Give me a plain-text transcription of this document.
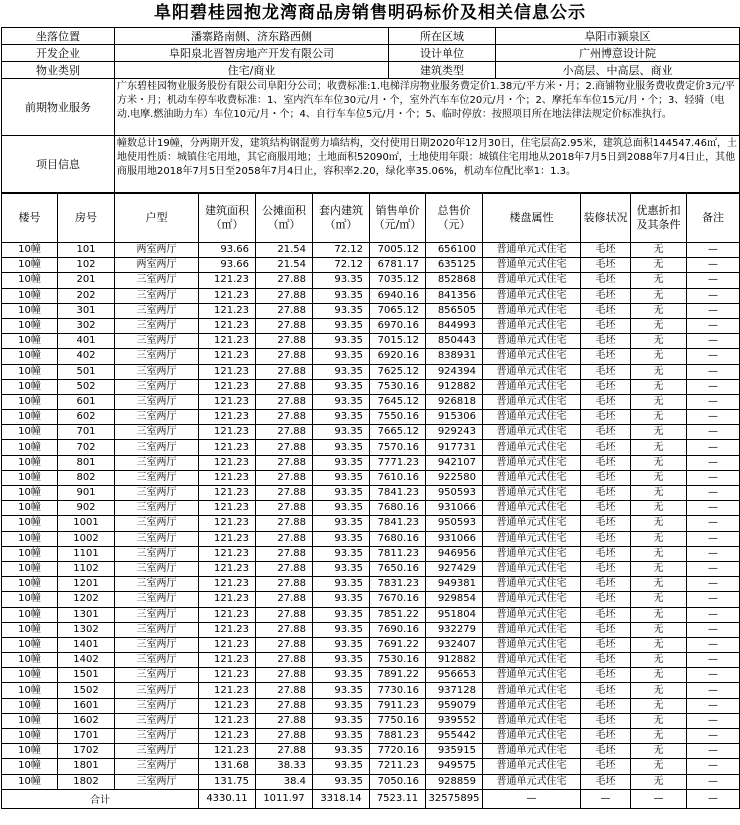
阜阳碧桂园抱龙湾商品房销售明码标价及相关信息公示
坐落位置	潘寨路南侧、济东路西侧	所在区域	阜阳市颍泉区
开发企业	阜阳泉北晋智房地产开发有限公司	设计单位	广州博意设计院
物业类别	住宅/商业	建筑类型	小高层、中高层、商业
前期物业服务	广东碧桂园物业服务股份有限公司阜阳分公司；收费标准:1.电梯洋房物业服务费定价1.38元/平方米・月；2.商铺物业服务费收费定价3元/平方米・月；机动车停车收费标准：1、室内汽车车位30元/月・个，室外汽车车位20元/月・个；2、摩托车车位15元/月・个；3、轻骑（电动.电摩.燃油助力车）车位10元/月・个；4、自行车车位5元/月・个；5、临时停放：按照项目所在地法律法规定价标准执行。		
项目信息	幢数总计19幢，分两期开发，建筑结构钢混剪力墙结构，交付使用日期2020年12月30日，住宅层高2.95米，建筑总面积144547.46㎡，土地使用性质：城镇住宅用地，其它商服用地；土地面积52090㎡，土地使用年限：城镇住宅用地从2018年7月5日到2088年7月4日止，其他商服用地2018年7月5日至2058年7月4日止，容积率2.20，绿化率35.06%，机动车位配比率1：1.3。		
楼号	房号	户型	建筑面积（㎡）	公摊面积（㎡）	套内建筑（㎡）	销售单价（元/㎡）	总售价（元）	楼盘属性	装修状况	优惠折扣及其条件	备注
10幢	101	两室两厅	93.66	21.54	72.12	7005.12	656100	普通单元式住宅	毛坯	无	—
10幢	102	两室两厅	93.66	21.54	72.12	6781.17	635125	普通单元式住宅	毛坯	无	—
10幢	201	三室两厅	121.23	27.88	93.35	7035.12	852868	普通单元式住宅	毛坯	无	—
10幢	202	三室两厅	121.23	27.88	93.35	6940.16	841356	普通单元式住宅	毛坯	无	—
10幢	301	三室两厅	121.23	27.88	93.35	7065.12	856505	普通单元式住宅	毛坯	无	—
10幢	302	三室两厅	121.23	27.88	93.35	6970.16	844993	普通单元式住宅	毛坯	无	—
10幢	401	三室两厅	121.23	27.88	93.35	7015.12	850443	普通单元式住宅	毛坯	无	—
10幢	402	三室两厅	121.23	27.88	93.35	6920.16	838931	普通单元式住宅	毛坯	无	—
10幢	501	三室两厅	121.23	27.88	93.35	7625.12	924394	普通单元式住宅	毛坯	无	—
10幢	502	三室两厅	121.23	27.88	93.35	7530.16	912882	普通单元式住宅	毛坯	无	—
10幢	601	三室两厅	121.23	27.88	93.35	7645.12	926818	普通单元式住宅	毛坯	无	—
10幢	602	三室两厅	121.23	27.88	93.35	7550.16	915306	普通单元式住宅	毛坯	无	—
10幢	701	三室两厅	121.23	27.88	93.35	7665.12	929243	普通单元式住宅	毛坯	无	—
10幢	702	三室两厅	121.23	27.88	93.35	7570.16	917731	普通单元式住宅	毛坯	无	—
10幢	801	三室两厅	121.23	27.88	93.35	7771.23	942107	普通单元式住宅	毛坯	无	—
10幢	802	三室两厅	121.23	27.88	93.35	7610.16	922580	普通单元式住宅	毛坯	无	—
10幢	901	三室两厅	121.23	27.88	93.35	7841.23	950593	普通单元式住宅	毛坯	无	—
10幢	902	三室两厅	121.23	27.88	93.35	7680.16	931066	普通单元式住宅	毛坯	无	—
10幢	1001	三室两厅	121.23	27.88	93.35	7841.23	950593	普通单元式住宅	毛坯	无	—
10幢	1002	三室两厅	121.23	27.88	93.35	7680.16	931066	普通单元式住宅	毛坯	无	—
10幢	1101	三室两厅	121.23	27.88	93.35	7811.23	946956	普通单元式住宅	毛坯	无	—
10幢	1102	三室两厅	121.23	27.88	93.35	7650.16	927429	普通单元式住宅	毛坯	无	—
10幢	1201	三室两厅	121.23	27.88	93.35	7831.23	949381	普通单元式住宅	毛坯	无	—
10幢	1202	三室两厅	121.23	27.88	93.35	7670.16	929854	普通单元式住宅	毛坯	无	—
10幢	1301	三室两厅	121.23	27.88	93.35	7851.22	951804	普通单元式住宅	毛坯	无	—
10幢	1302	三室两厅	121.23	27.88	93.35	7690.16	932279	普通单元式住宅	毛坯	无	—
10幢	1401	三室两厅	121.23	27.88	93.35	7691.22	932407	普通单元式住宅	毛坯	无	—
10幢	1402	三室两厅	121.23	27.88	93.35	7530.16	912882	普通单元式住宅	毛坯	无	—
10幢	1501	三室两厅	121.23	27.88	93.35	7891.22	956653	普通单元式住宅	毛坯	无	—
10幢	1502	三室两厅	121.23	27.88	93.35	7730.16	937128	普通单元式住宅	毛坯	无	—
10幢	1601	三室两厅	121.23	27.88	93.35	7911.23	959079	普通单元式住宅	毛坯	无	—
10幢	1602	三室两厅	121.23	27.88	93.35	7750.16	939552	普通单元式住宅	毛坯	无	—
10幢	1701	三室两厅	121.23	27.88	93.35	7881.23	955442	普通单元式住宅	毛坯	无	—
10幢	1702	三室两厅	121.23	27.88	93.35	7720.16	935915	普通单元式住宅	毛坯	无	—
10幢	1801	三室两厅	131.68	38.33	93.35	7211.23	949575	普通单元式住宅	毛坯	无	—
10幢	1802	三室两厅	131.75	38.4	93.35	7050.16	928859	普通单元式住宅	毛坯	无	—
合计			4330.11	1011.97	3318.14	7523.11	32575895	—	—	—	—
